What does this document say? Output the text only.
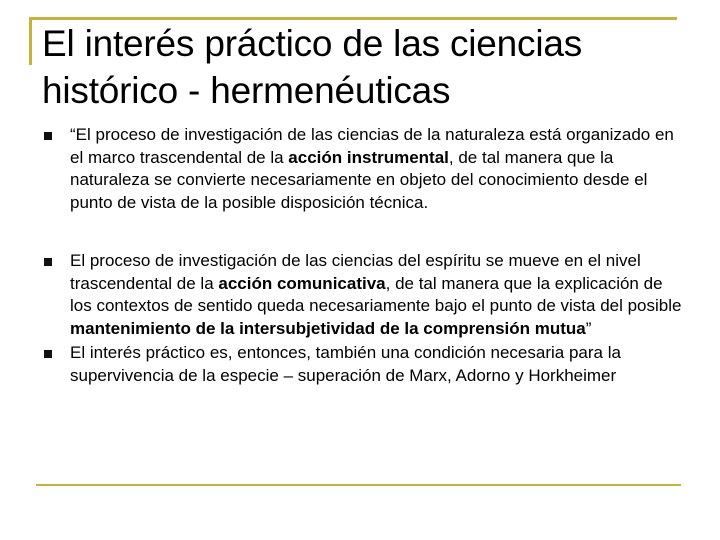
El interés práctico de las ciencias
histórico - hermenéuticas
“El proceso de investigación de las ciencias de la naturaleza está organizado en el marco trascendental de la acción instrumental, de tal manera que la naturaleza se convierte necesariamente en objeto del conocimiento desde el punto de vista de la posible disposición técnica.
El proceso de investigación de las ciencias del espíritu se mueve en el nivel trascendental de la acción comunicativa, de tal manera que la explicación de los contextos de sentido queda necesariamente bajo el punto de vista del posible mantenimiento de la intersubjetividad de la comprensión mutua”
El interés práctico es, entonces, también una condición necesaria para la supervivencia de la especie – superación de Marx, Adorno y Horkheimer
